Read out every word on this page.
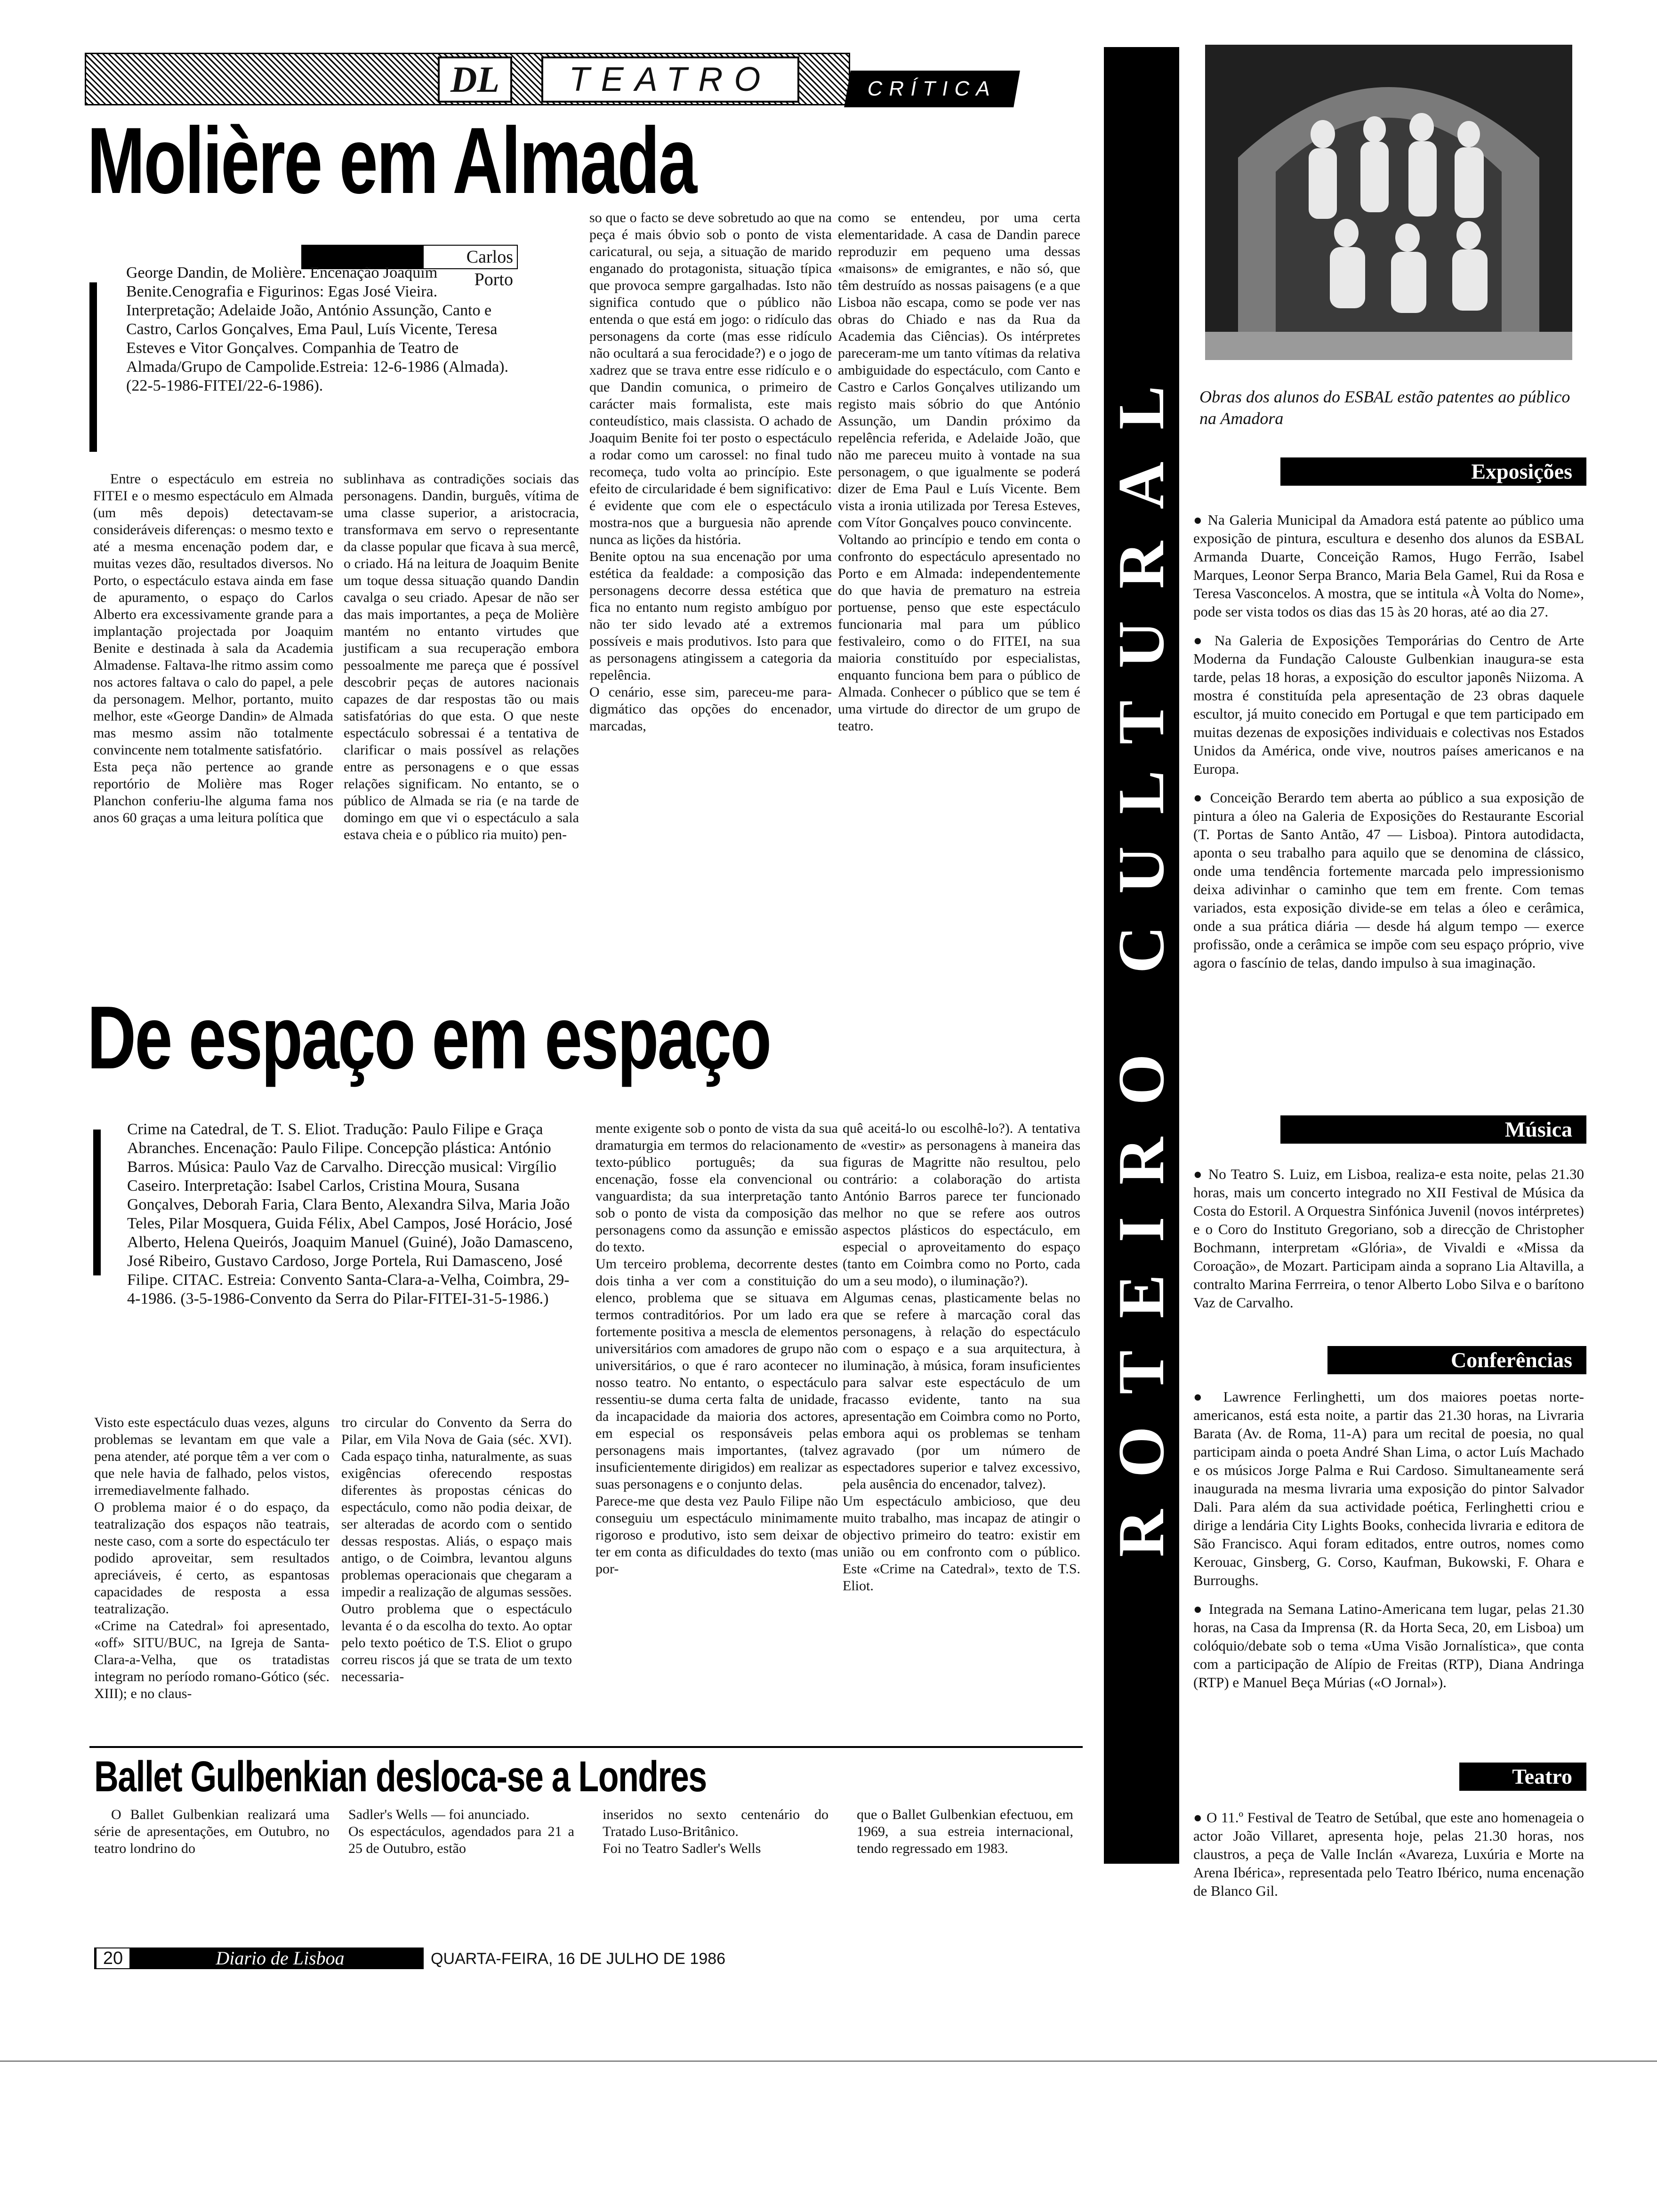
DL TEATRO	CRÍTICA
Molière em Almada
Carlos Porto
George Dandin, de Molière. Encenação Joaquim Benite.Cenografia e Figurinos: Egas José Vieira. Interpretação; Adelaide João, António Assunção, Canto e Castro, Carlos Gonçalves, Ema Paul, Luís Vicente, Teresa Esteves e Vitor Gonçalves. Companhia de Teatro de Almada/Grupo de Campolide.Estreia: 12-6-1986 (Almada). (22-5-1986-FITEI/22-6-1986).

Entre o espectáculo em estreia no FITEI e o mesmo espectáculo em Almada (um mês depois) detectavam-se consideráveis diferenças: o mesmo texto e até a mesma encenação podem dar, e muitas vezes dão, resultados diversos. No Porto, o espectáculo estava ainda em fase de apuramento, o espaço do Carlos Alberto era excessivamente grande para a implantação projectada por Joaquim Benite e destinada à sala da Academia Almadense. Faltava-lhe ritmo assim como nos actores faltava o calo do papel, a pele da personagem. Melhor, portanto, muito melhor, este «George Dandin» de Almada mas mesmo assim não totalmente convincente nem totalmente satisfatório.
Esta peça não pertence ao grande reportório de Molière mas Roger Planchon conferiu-lhe alguma fama nos anos 60 graças a uma leitura política que

sublinhava as contradições sociais das personagens. Dandin, burguês, vítima de uma classe superior, a aristocracia, transformava em servo o representante da classe popular que ficava à sua mercê, o criado. Há na leitura de Joaquim Benite um toque dessa situação quando Dandin cavalga o seu criado. Apesar de não ser das mais importantes, a peça de Molière mantém no entanto virtudes que justificam a sua recuperação embora pessoalmente me pareça que é possível descobrir peças de autores nacionais capazes de dar respostas tão ou mais satisfatórias do que esta. O que neste espectáculo sobressai é a tentativa de clarificar o mais possível as relações entre as personagens e o que essas relações significam. No entanto, se o público de Almada se ria (e na tarde de domingo em que vi o espectáculo a sala estava cheia e o público ria muito) pen-

so que o facto se deve sobretudo ao que na peça é mais óbvio sob o ponto de vista caricatural, ou seja, a situação de marido enganado do protagonista, situação típica que provoca sempre gargalhadas. Isto não significa contudo que o público não entenda o que está em jogo: o ridículo das personagens da corte (mas esse ridículo não ocultará a sua ferocidade?) e o jogo de xadrez que se trava entre esse ridículo e o que Dandin comunica, o primeiro de carácter mais formalista, este mais conteudístico, mais classista. O achado de Joaquim Benite foi ter posto o espectáculo a rodar como um carossel: no final tudo recomeça, tudo volta ao princípio. Este efeito de circularidade é bem significativo: é evidente que com ele o espectáculo mostra-nos que a burguesia não aprende nunca as lições da história.
Benite optou na sua encenação por uma estética da fealdade: a composição das personagens decorre dessa estética que fica no entanto num registo ambíguo por não ter sido levado até a extremos possíveis e mais produtivos. Isto para que as personagens atingissem a categoria da repelência.
O cenário, esse sim, pareceu-me para-digmático das opções do encenador, marcadas,

como se entendeu, por uma certa elementaridade. A casa de Dandin parece reproduzir em pequeno uma dessas «maisons» de emigrantes, e não só, que têm destruído as nossas paisagens (e a que Lisboa não escapa, como se pode ver nas obras do Chiado e nas da Rua da Academia das Ciências). Os intérpretes pareceram-me um tanto vítimas da relativa ambiguidade do espectáculo, com Canto e Castro e Carlos Gonçalves utilizando um registo mais sóbrio do que António Assunção, um Dandin próximo da repelência referida, e Adelaide João, que não me pareceu muito à vontade na sua personagem, o que igualmente se poderá dizer de Ema Paul e Luís Vicente. Bem vista a ironia utilizada por Teresa Esteves, com Vítor Gonçalves pouco convincente.
Voltando ao princípio e tendo em conta o confronto do espectáculo apresentado no Porto e em Almada: independentemente do que havia de prematuro na estreia portuense, penso que este espectáculo funcionaria mal para um público festivaleiro, como o do FITEI, na sua maioria constituído por especialistas, enquanto funciona bem para o público de Almada. Conhecer o público que se tem é uma virtude do director de um grupo de teatro.

De espaço em espaço
Crime na Catedral, de T. S. Eliot. Tradução: Paulo Filipe e Graça Abranches. Encenação: Paulo Filipe. Concepção plástica: António Barros. Música: Paulo Vaz de Carvalho. Direcção musical: Virgílio Caseiro. Interpretação: Isabel Carlos, Cristina Moura, Susana Gonçalves, Deborah Faria, Clara Bento, Alexandra Silva, Maria João Teles, Pilar Mosquera, Guida Félix, Abel Campos, José Horácio, José Alberto, Helena Queirós, Joaquim Manuel (Guiné), João Damasceno, José Ribeiro, Gustavo Cardoso, Jorge Portela, Rui Damasceno, José Filipe. CITAC. Estreia: Convento Santa-Clara-a-Velha, Coimbra, 29-4-1986. (3-5-1986-Convento da Serra do Pilar-FITEI-31-5-1986.)

Visto este espectáculo duas vezes, alguns problemas se levantam em que vale a pena atender, até porque têm a ver com o que nele havia de falhado, pelos vistos, irremediavelmente falhado.
O problema maior é o do espaço, da teatralização dos espaços não teatrais, neste caso, com a sorte do espectáculo ter podido aproveitar, sem resultados apreciáveis, é certo, as espantosas capacidades de resposta a essa teatralização.
«Crime na Catedral» foi apresentado, «off» SITU/BUC, na Igreja de Santa-Clara-a-Velha, que os tratadistas integram no período romano-Gótico (séc. XIII); e no claus-

tro circular do Convento da Serra do Pilar, em Vila Nova de Gaia (séc. XVI). Cada espaço tinha, naturalmente, as suas exigências oferecendo respostas diferentes às propostas cénicas do espectáculo, como não podia deixar, de ser alteradas de acordo com o sentido dessas respostas. Aliás, o espaço mais antigo, o de Coimbra, levantou alguns problemas operacionais que chegaram a impedir a realização de algumas sessões.
Outro problema que o espectáculo levanta é o da escolha do texto. Ao optar pelo texto poético de T.S. Eliot o grupo correu riscos já que se trata de um texto necessaria-

mente exigente sob o ponto de vista da sua dramaturgia em termos do relacionamento texto-público português; da sua encenação, fosse ela convencional ou vanguardista; da sua interpretação tanto sob o ponto de vista da composição das personagens como da assunção e emissão do texto.
Um terceiro problema, decorrente destes dois tinha a ver com a constituição do elenco, problema que se situava em termos contraditórios. Por um lado era fortemente positiva a mescla de elementos universitários com amadores de grupo não universitários, o que é raro acontecer no nosso teatro. No entanto, o espectáculo ressentiu-se duma certa falta de unidade, da incapacidade da maioria dos actores, em especial os responsáveis pelas personagens mais importantes, (talvez insuficientemente dirigidos) em realizar as suas personagens e o conjunto delas.
Parece-me que desta vez Paulo Filipe não conseguiu um espectáculo minimamente rigoroso e produtivo, isto sem deixar de ter em conta as dificuldades do texto (mas por-

quê aceitá-lo ou escolhê-lo?). A tentativa de «vestir» as personagens à maneira das figuras de Magritte não resultou, pelo contrário: a colaboração do artista António Barros parece ter funcionado melhor no que se refere aos outros aspectos plásticos do espectáculo, em especial o aproveitamento do espaço (tanto em Coimbra como no Porto, cada um a seu modo), o iluminação?).
Algumas cenas, plasticamente belas no que se refere à marcação coral das personagens, à relação do espectáculo com o espaço e a sua arquitectura, à iluminação, à música, foram insuficientes para salvar este espectáculo de um fracasso evidente, tanto na sua apresentação em Coimbra como no Porto, embora aqui os problemas se tenham agravado (por um número de espectadores superior e talvez excessivo, pela ausência do encenador, talvez).
Um espectáculo ambicioso, que deu muito trabalho, mas incapaz de atingir o objectivo primeiro do teatro: existir em união ou em confronto com o público. Este «Crime na Catedral», texto de T.S. Eliot.

Ballet Gulbenkian desloca-se a Londres

O Ballet Gulbenkian realizará uma série de apresentações, em Outubro, no teatro londrino do

Sadler's Wells — foi anunciado.
Os espectáculos, agendados para 21 a 25 de Outubro, estão

inseridos no sexto centenário do Tratado Luso-Britânico.
Foi no Teatro Sadler's Wells

que o Ballet Gulbenkian efectuou, em 1969, a sua estreia internacional, tendo regressado em 1983.

20	Diario de Lisboa	QUARTA-FEIRA, 16 DE JULHO DE 1986
ROTEIRO CULTURAL Obras dos alunos do ESBAL estão patentes ao público na Amadora
Exposições

● Na Galeria Municipal da Amadora está patente ao público uma exposição de pintura, escultura e desenho dos alunos da ESBAL Armanda Duarte, Conceição Ramos, Hugo Ferrão, Isabel Marques, Leonor Serpa Branco, Maria Bela Gamel, Rui da Rosa e Teresa Vasconcelos. A mostra, que se intitula «À Volta do Nome», pode ser vista todos os dias das 15 às 20 horas, até ao dia 27.

● Na Galeria de Exposições Temporárias do Centro de Arte Moderna da Fundação Calouste Gulbenkian inaugura-se esta tarde, pelas 18 horas, a exposição do escultor japonês Niizoma. A mostra é constituída pela apresentação de 23 obras daquele escultor, já muito conecido em Portugal e que tem participado em muitas dezenas de exposições individuais e colectivas nos Estados Unidos da América, onde vive, noutros países americanos e na Europa.

● Conceição Berardo tem aberta ao público a sua exposição de pintura a óleo na Galeria de Exposições do Restaurante Escorial (T. Portas de Santo Antão, 47 — Lisboa). Pintora autodidacta, aponta o seu trabalho para aquilo que se denomina de clássico, onde uma tendência fortemente marcada pelo impressionismo deixa adivinhar o caminho que tem em frente. Com temas variados, esta exposição divide-se em telas a óleo e cerâmica, onde a sua prática diária — desde há algum tempo — exerce profissão, onde a cerâmica se impõe com seu espaço próprio, vive agora o fascínio de telas, dando impulso à sua imaginação.

Música

● No Teatro S. Luiz, em Lisboa, realiza-e esta noite, pelas 21.30 horas, mais um concerto integrado no XII Festival de Música da Costa do Estoril. A Orquestra Sinfónica Juvenil (novos intérpretes) e o Coro do Instituto Gregoriano, sob a direcção de Christopher Bochmann, interpretam «Glória», de Vivaldi e «Missa da Coroação», de Mozart. Participam ainda a soprano Lia Altavilla, a contralto Marina Ferrreira, o tenor Alberto Lobo Silva e o barítono Vaz de Carvalho.

Conferências

● Lawrence Ferlinghetti, um dos maiores poetas norte-americanos, está esta noite, a partir das 21.30 horas, na Livraria Barata (Av. de Roma, 11-A) para um recital de poesia, no qual participam ainda o poeta André Shan Lima, o actor Luís Machado e os músicos Jorge Palma e Rui Cardoso. Simultaneamente será inaugurada na mesma livraria uma exposição do pintor Salvador Dali. Para além da sua actividade poética, Ferlinghetti criou e dirige a lendária City Lights Books, conhecida livraria e editora de São Francisco. Aqui foram editados, entre outros, nomes como Kerouac, Ginsberg, G. Corso, Kaufman, Bukowski, F. Ohara e Burroughs.

● Integrada na Semana Latino-Americana tem lugar, pelas 21.30 horas, na Casa da Imprensa (R. da Horta Seca, 20, em Lisboa) um colóquio/debate sob o tema «Uma Visão Jornalística», que conta com a participação de Alípio de Freitas (RTP), Diana Andringa (RTP) e Manuel Beça Múrias («O Jornal»).

Teatro

● O 11.º Festival de Teatro de Setúbal, que este ano homenageia o actor João Villaret, apresenta hoje, pelas 21.30 horas, nos claustros, a peça de Valle Inclán «Avareza, Luxúria e Morte na Arena Ibérica», representada pelo Teatro Ibérico, numa encenação de Blanco Gil.
